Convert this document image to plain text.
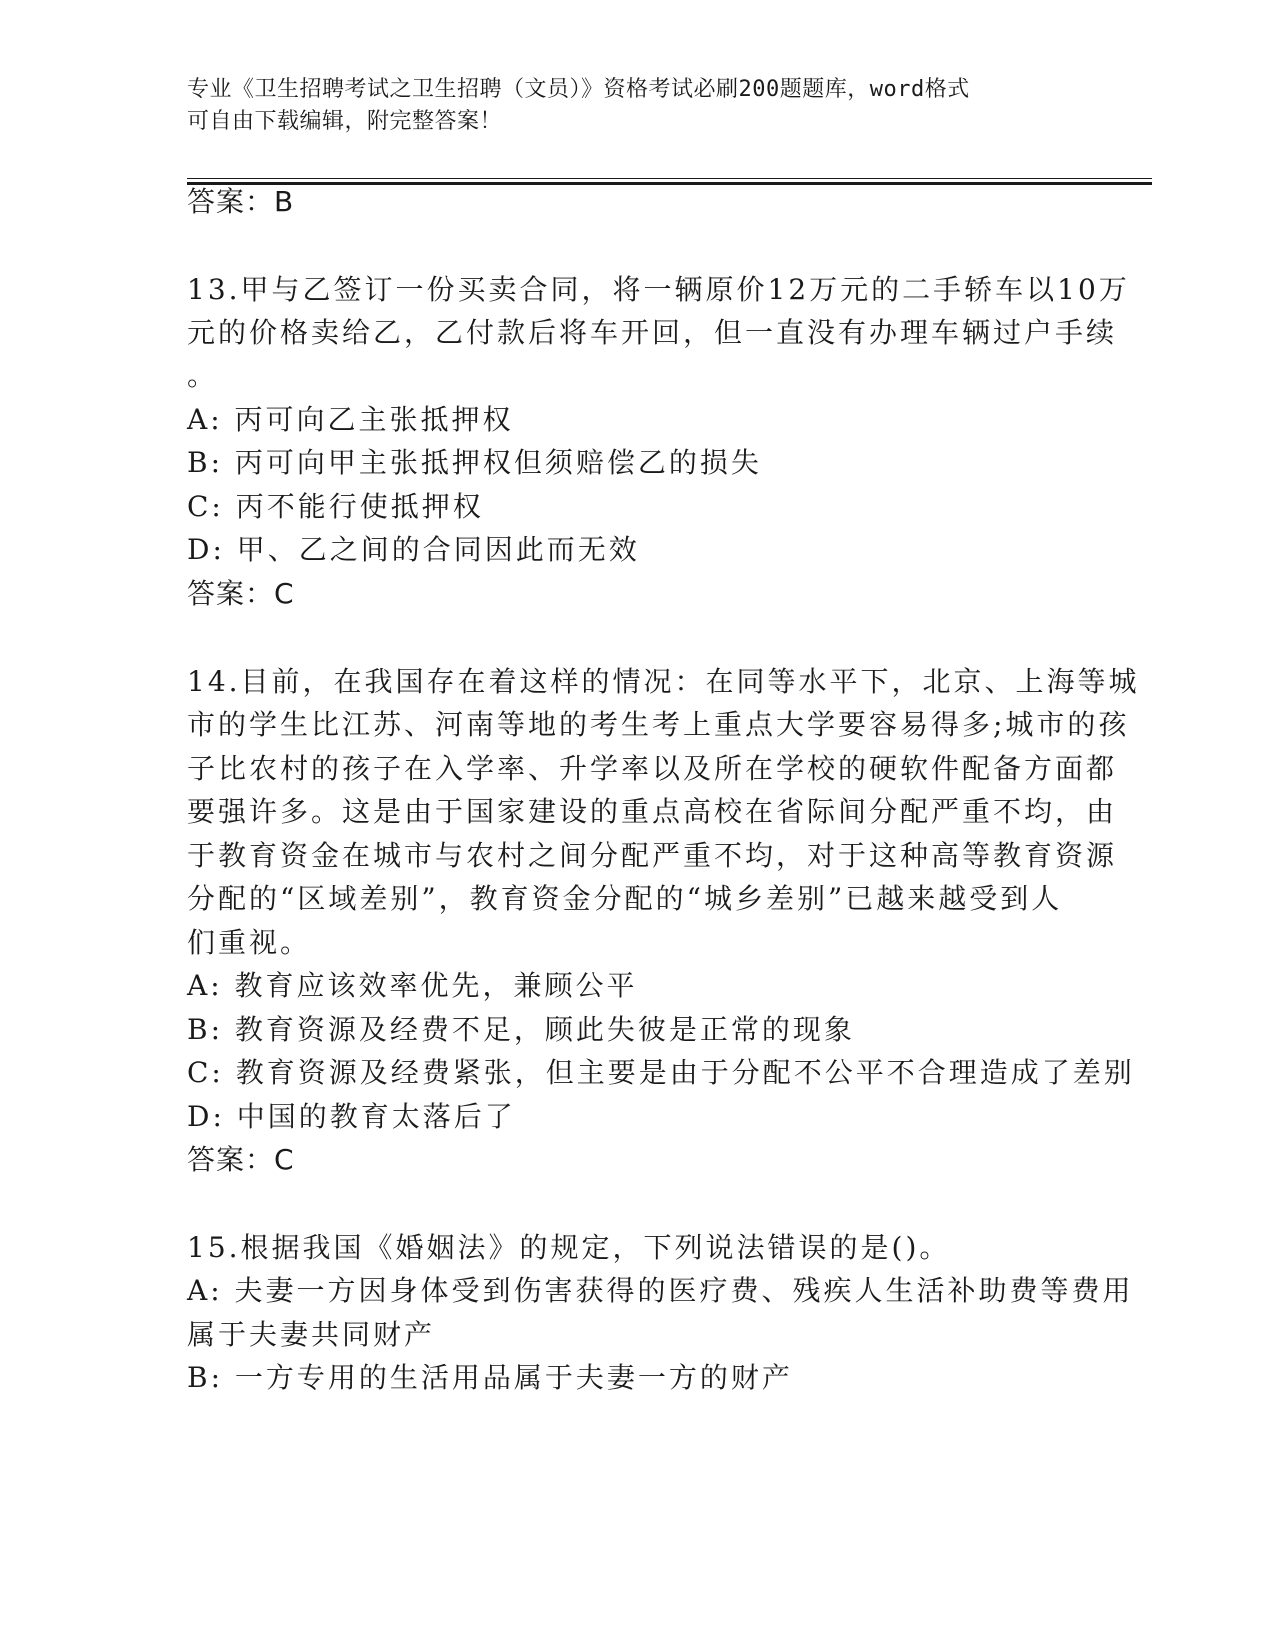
专业《卫生招聘考试之卫生招聘（文员）》资格考试必刷200题题库，word格式
可自由下载编辑，附完整答案！
答案：B
13.甲与乙签订一份买卖合同，将一辆原价12万元的二手轿车以10万
元的价格卖给乙，乙付款后将车开回，但一直没有办理车辆过户手续
。
A: 丙可向乙主张抵押权
B: 丙可向甲主张抵押权但须赔偿乙的损失
C: 丙不能行使抵押权
D: 甲、乙之间的合同因此而无效
答案：C
14.目前，在我国存在着这样的情况：在同等水平下，北京、上海等城
市的学生比江苏、河南等地的考生考上重点大学要容易得多;城市的孩
子比农村的孩子在入学率、升学率以及所在学校的硬软件配备方面都
要强许多。这是由于国家建设的重点高校在省际间分配严重不均，由
于教育资金在城市与农村之间分配严重不均，对于这种高等教育资源
分配的“区域差别”，教育资金分配的“城乡差别”已越来越受到人
们重视。
A: 教育应该效率优先，兼顾公平
B: 教育资源及经费不足，顾此失彼是正常的现象
C: 教育资源及经费紧张，但主要是由于分配不公平不合理造成了差别
D: 中国的教育太落后了
答案：C
15.根据我国《婚姻法》的规定，下列说法错误的是()。
A: 夫妻一方因身体受到伤害获得的医疗费、残疾人生活补助费等费用
属于夫妻共同财产
B: 一方专用的生活用品属于夫妻一方的财产
